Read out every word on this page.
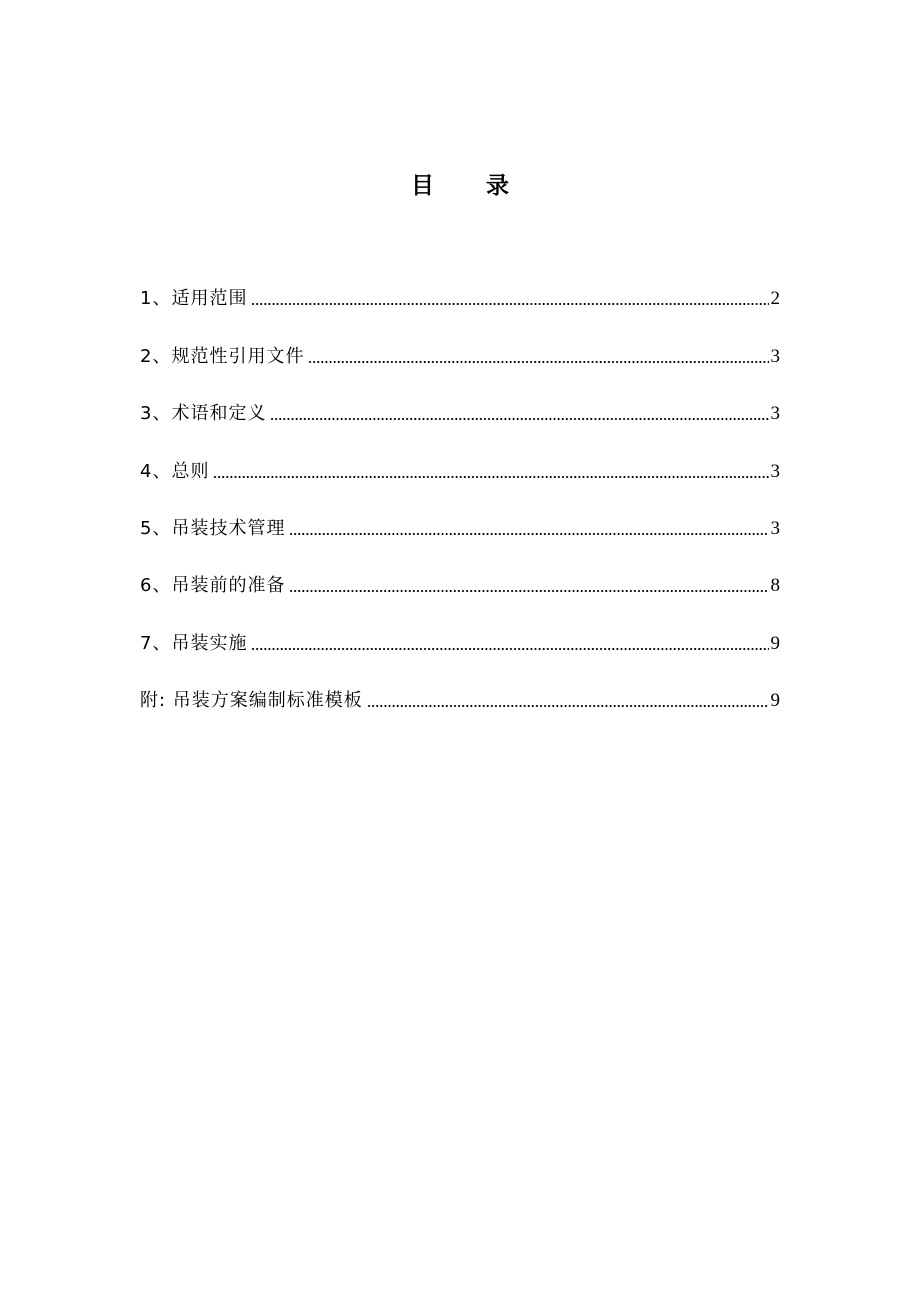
目 录
1、适用范围	2
2、规范性引用文件	3
3、术语和定义	3
4、总则	3
5、吊装技术管理	3
6、吊装前的准备	8
7、吊装实施	9
附: 吊装方案编制标准模板	9
